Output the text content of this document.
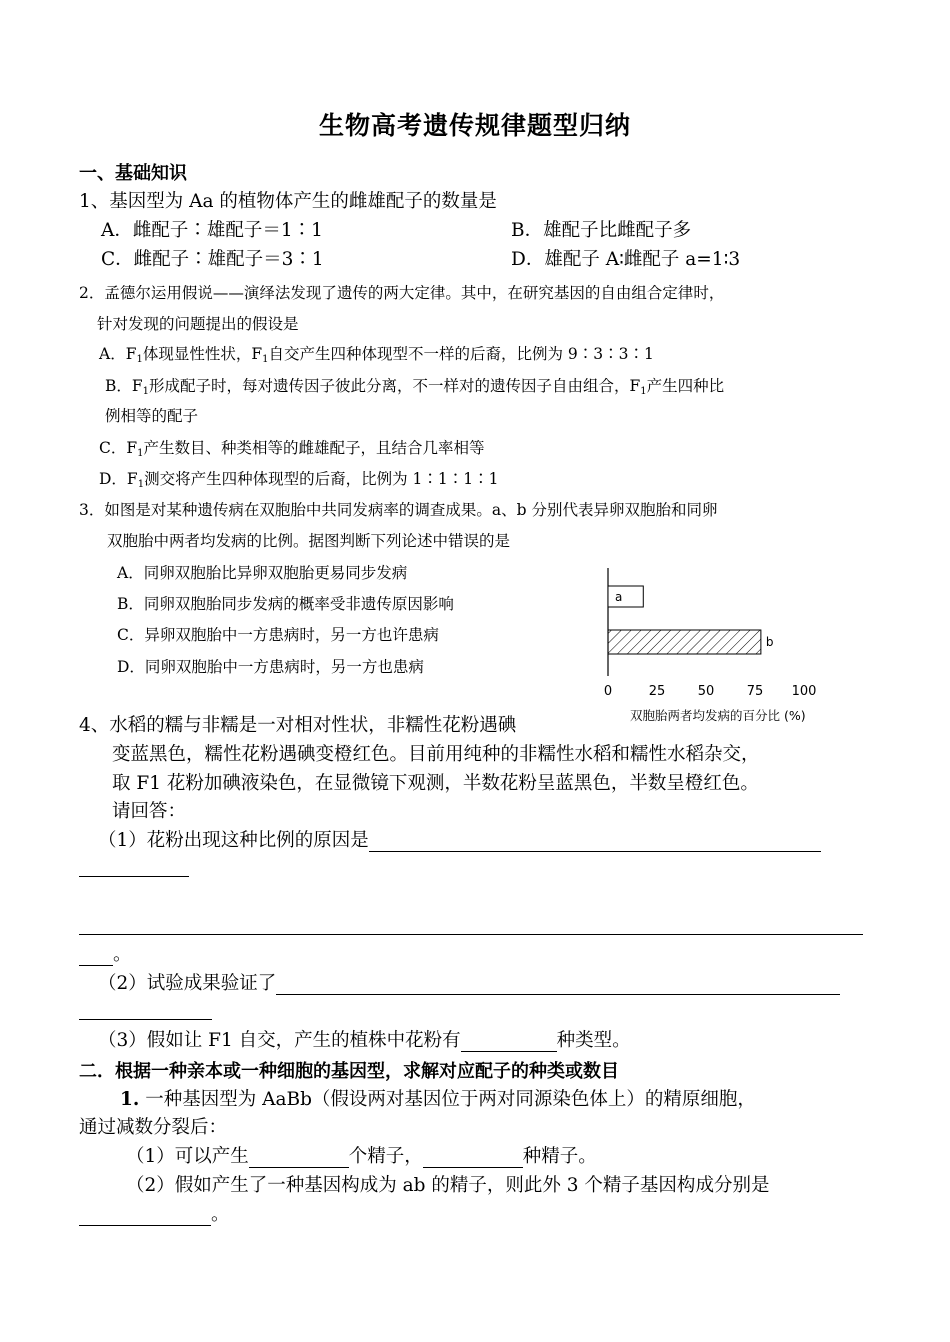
生物高考遗传规律题型归纳
一、基础知识
1、基因型为 Aa 的植物体产生的雌雄配子的数量是
A．雌配子∶雄配子＝1∶1	B．雄配子比雌配子多
C．雌配子∶雄配子＝3∶1	D．雄配子 A∶雌配子 a=1∶3
2．孟德尔运用假说——演绎法发现了遗传的两大定律。其中，在研究基因的自由组合定律时，
针对发现的问题提出的假设是
A．$F_1$体现显性性状，$F_1$自交产生四种体现型不一样的后裔，比例为 9∶3∶3∶1
B．$F_1$形成配子时，每对遗传因子彼此分离，不一样对的遗传因子自由组合，$F_1$产生四种比
例相等的配子
C．$F_1$产生数目、种类相等的雌雄配子，且结合几率相等
D．$F_1$测交将产生四种体现型的后裔，比例为 1∶1∶1∶1
3．如图是对某种遗传病在双胞胎中共同发病率的调查成果。a、b 分别代表异卵双胞胎和同卵
双胞胎中两者均发病的比例。据图判断下列论述中错误的是
A．同卵双胞胎比异卵双胞胎更易同步发病
B．同卵双胞胎同步发病的概率受非遗传原因影响
C．异卵双胞胎中一方患病时，另一方也许患病
D．同卵双胞胎中一方患病时，另一方也患病
a
b
0	25 50 75 100
双胞胎两者均发病的百分比 (%)
4、水稻的糯与非糯是一对相对性状，非糯性花粉遇碘
变蓝黑色，糯性花粉遇碘变橙红色。目前用纯种的非糯性水稻和糯性水稻杂交，
取 F1 花粉加碘液染色，在显微镜下观测，半数花粉呈蓝黑色，半数呈橙红色。
请回答：
（1）花粉出现这种比例的原因是
。
（2）试验成果验证了
（3）假如让 F1 自交，产生的植株中花粉有	种类型。
二．根据一种亲本或一种细胞的基因型，求解对应配子的种类或数目
1. 一种基因型为 AaBb（假设两对基因位于两对同源染色体上）的精原细胞，
通过减数分裂后：
（1）可以产生	个精子，	种精子。
（2）假如产生了一种基因构成为 ab 的精子，则此外 3 个精子基因构成分别是
。
